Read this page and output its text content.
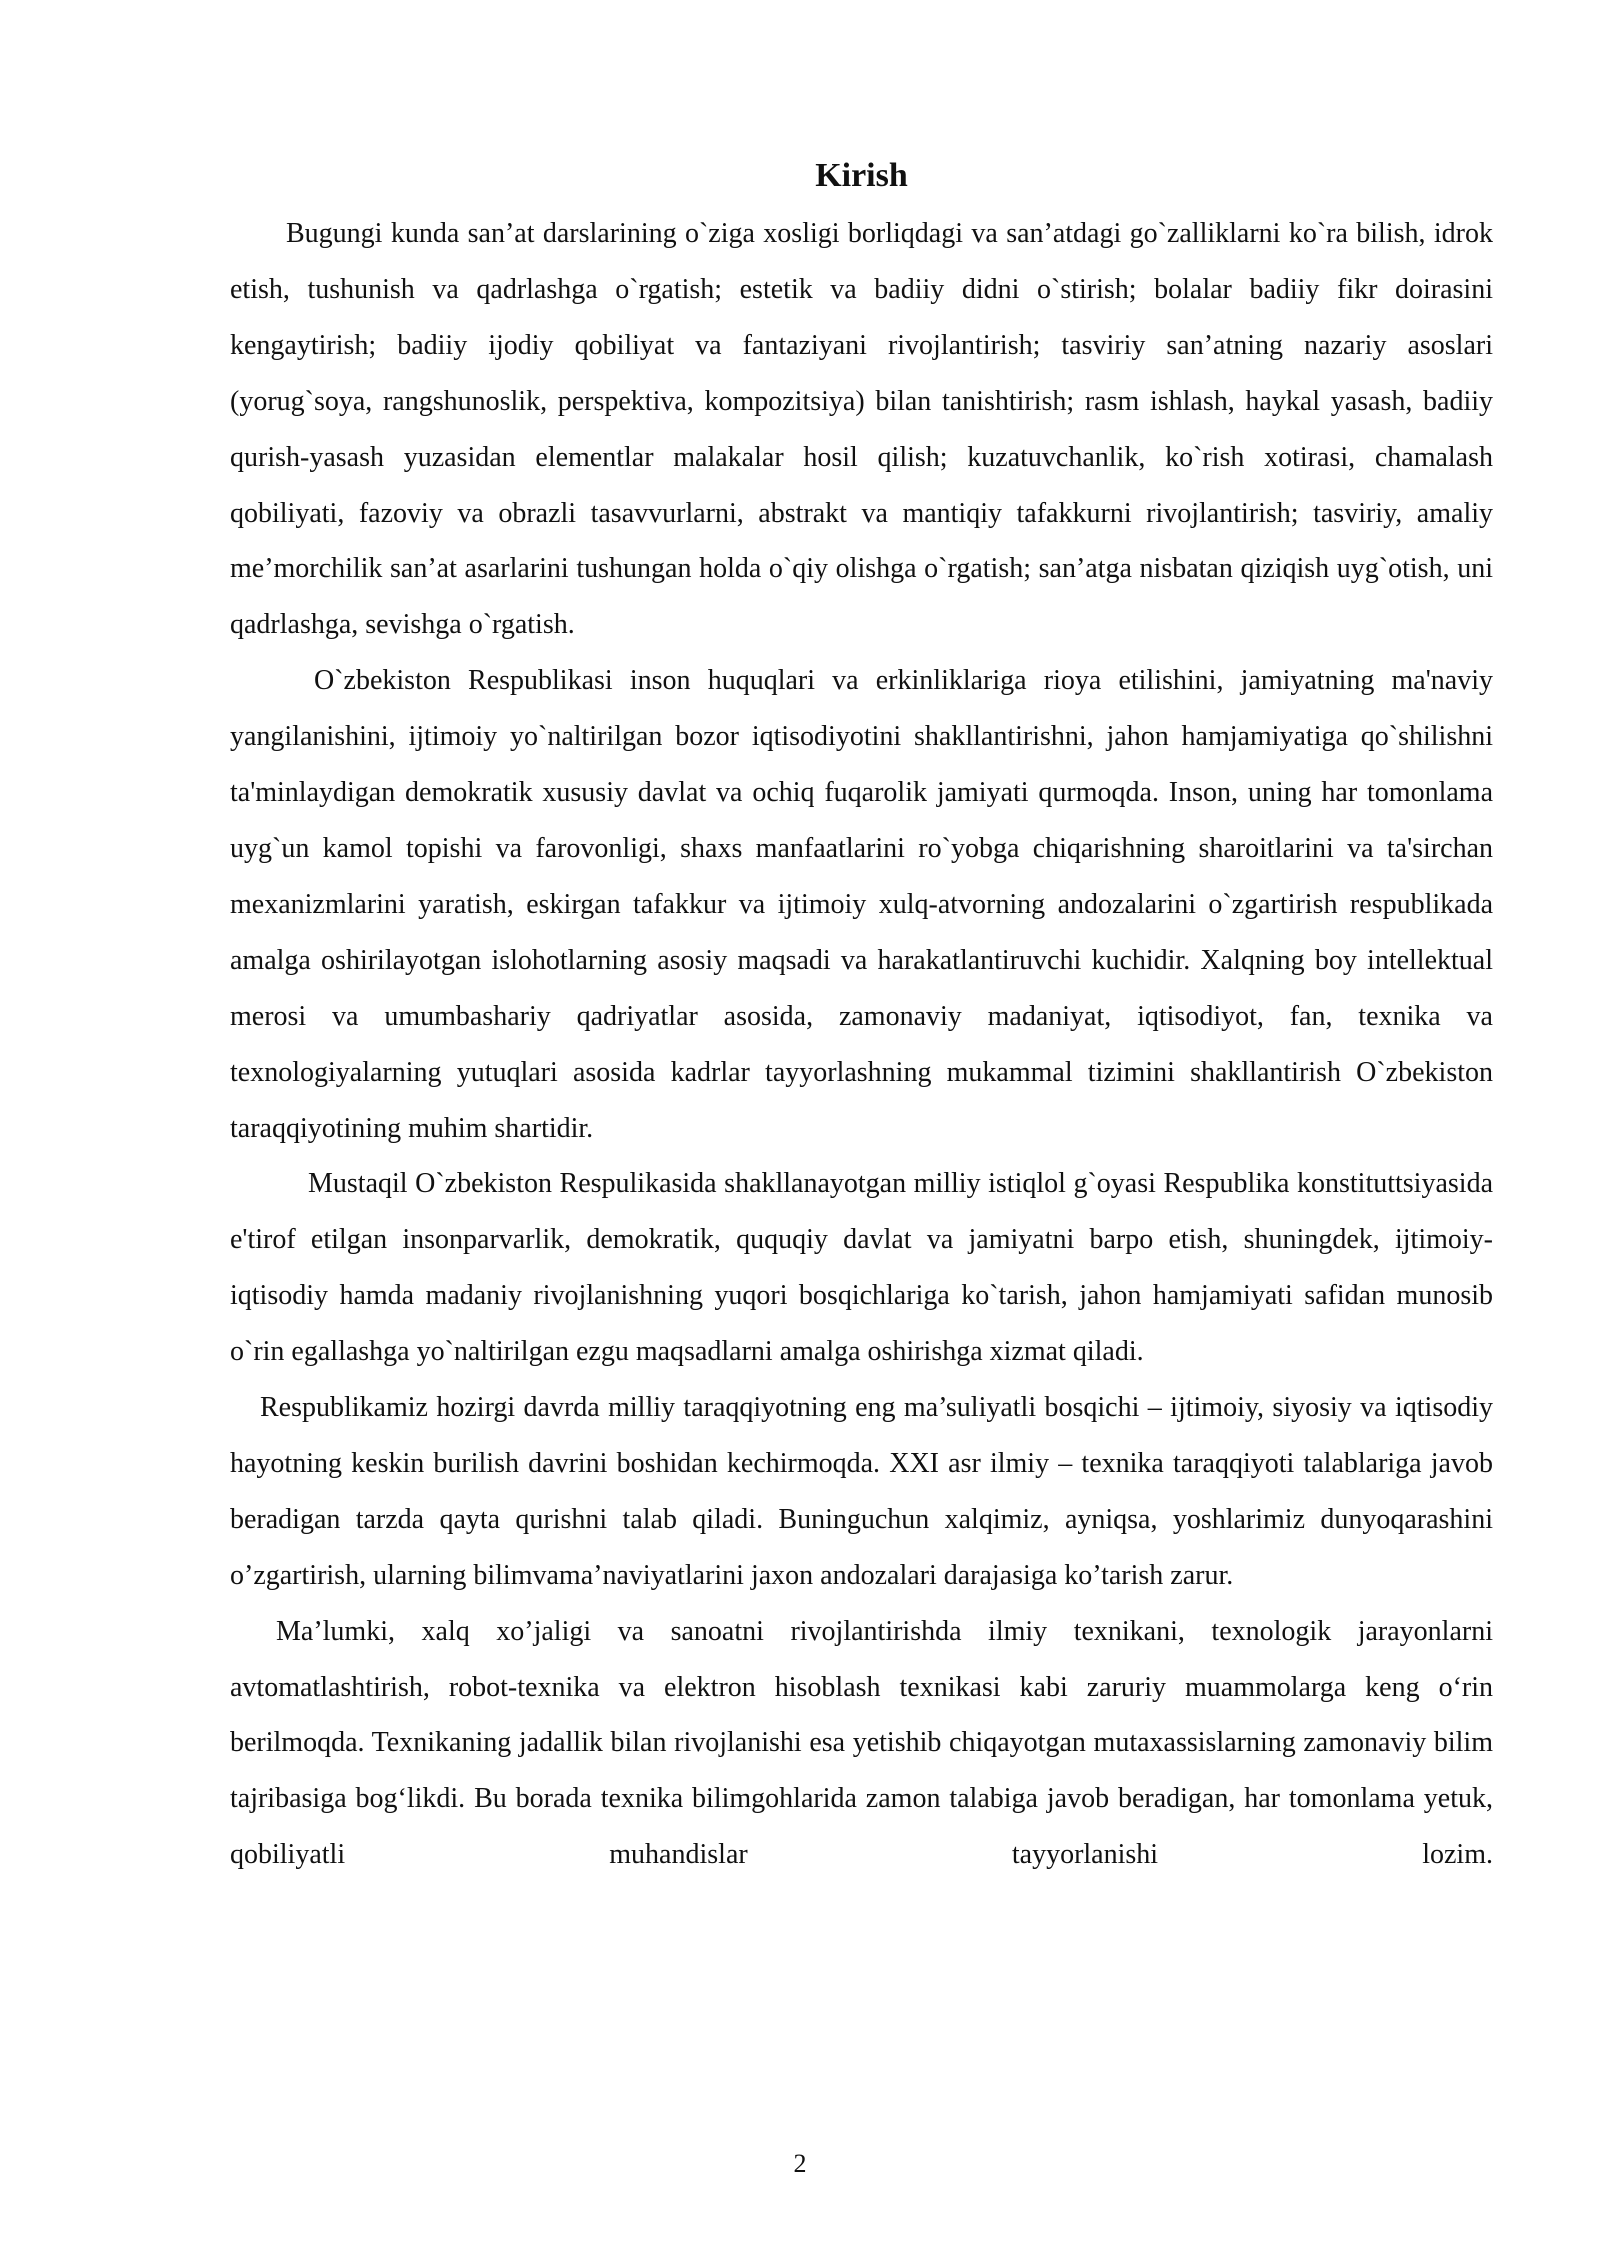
Kirish

Bugungi kunda san’at darslarining o`ziga xosligi borliqdagi va san’atdagi go`zalliklarni ko`ra bilish, idrok etish, tushunish va qadrlashga o`rgatish; estetik va badiiy didni o`stirish; bolalar badiiy fikr doirasini kengaytirish; badiiy ijodiy qobiliyat va fantaziyani rivojlantirish; tasviriy san’atning nazariy asoslari (yorug`soya, rangshunoslik, perspektiva, kompozitsiya) bilan tanishtirish; rasm ishlash, haykal yasash, badiiy qurish-yasash yuzasidan elementlar malakalar hosil qilish; kuzatuvchanlik, ko`rish xotirasi, chamalash qobiliyati, fazoviy va obrazli tasavvurlarni, abstrakt va mantiqiy tafakkurni rivojlantirish; tasviriy, amaliy me’morchilik san’at asarlarini tushungan holda o`qiy olishga o`rgatish; san’atga nisbatan qiziqish uyg`otish, uni qadrlashga, sevishga o`rgatish.

O`zbekiston Respublikasi inson huquqlari va erkinliklariga rioya etilishini, jamiyatning ma'naviy yangilanishini, ijtimoiy yo`naltirilgan bozor iqtisodiyotini shakllantirishni, jahon hamjamiyatiga qo`shilishni ta'minlaydigan demokratik xususiy davlat va ochiq fuqarolik jamiyati qurmoqda. Inson, uning har tomonlama uyg`un kamol topishi va farovonligi, shaxs manfaatlarini ro`yobga chiqarishning sharoitlarini va ta'sirchan mexanizmlarini yaratish, eskirgan tafakkur va ijtimoiy xulq-atvorning andozalarini o`zgartirish respublikada amalga oshirilayotgan islohotlarning asosiy maqsadi va harakatlantiruvchi kuchidir. Xalqning boy intellektual merosi va umumbashariy qadriyatlar asosida, zamonaviy madaniyat, iqtisodiyot, fan, texnika va texnologiyalarning yutuqlari asosida kadrlar tayyorlashning mukammal tizimini shakllantirish O`zbekiston taraqqiyotining muhim shartidir.

Mustaqil O`zbekiston Respulikasida shakllanayotgan milliy istiqlol g`oyasi Respublika konstituttsiyasida e'tirof etilgan insonparvarlik, demokratik, ququqiy davlat va jamiyatni barpo etish, shuningdek, ijtimoiy-iqtisodiy hamda madaniy rivojlanishning yuqori bosqichlariga ko`tarish, jahon hamjamiyati safidan munosib o`rin egallashga yo`naltirilgan ezgu maqsadlarni amalga oshirishga xizmat qiladi.

Respublikamiz hozirgi davrda milliy taraqqiyotning eng ma’suliyatli bosqichi – ijtimoiy, siyosiy va iqtisodiy hayotning keskin burilish davrini boshidan kechirmoqda. XXI asr ilmiy – texnika taraqqiyoti talablariga javob beradigan tarzda qayta qurishni talab qiladi. Buninguchun xalqimiz, ayniqsa, yoshlarimiz dunyoqarashini o’zgartirish, ularning bilimvama’naviyatlarini jaxon andozalari darajasiga ko’tarish zarur.

Ma’lumki, xalq xo’jaligi va sanoatni rivojlantirishda ilmiy texnikani, texnologik jarayonlarni avtomatlashtirish, robot-texnika va elektron hisoblash texnikasi kabi zaruriy muammolarga keng o‘rin berilmoqda. Texnikaning jadallik bilan rivojlanishi esa yetishib chiqayotgan mutaxassislarning zamonaviy bilim tajribasiga bog‘likdi. Bu borada texnika bilimgohlarida zamon talabiga javob beradigan, har tomonlama yetuk, qobiliyatli muhandislar tayyorlanishi lozim.

2
